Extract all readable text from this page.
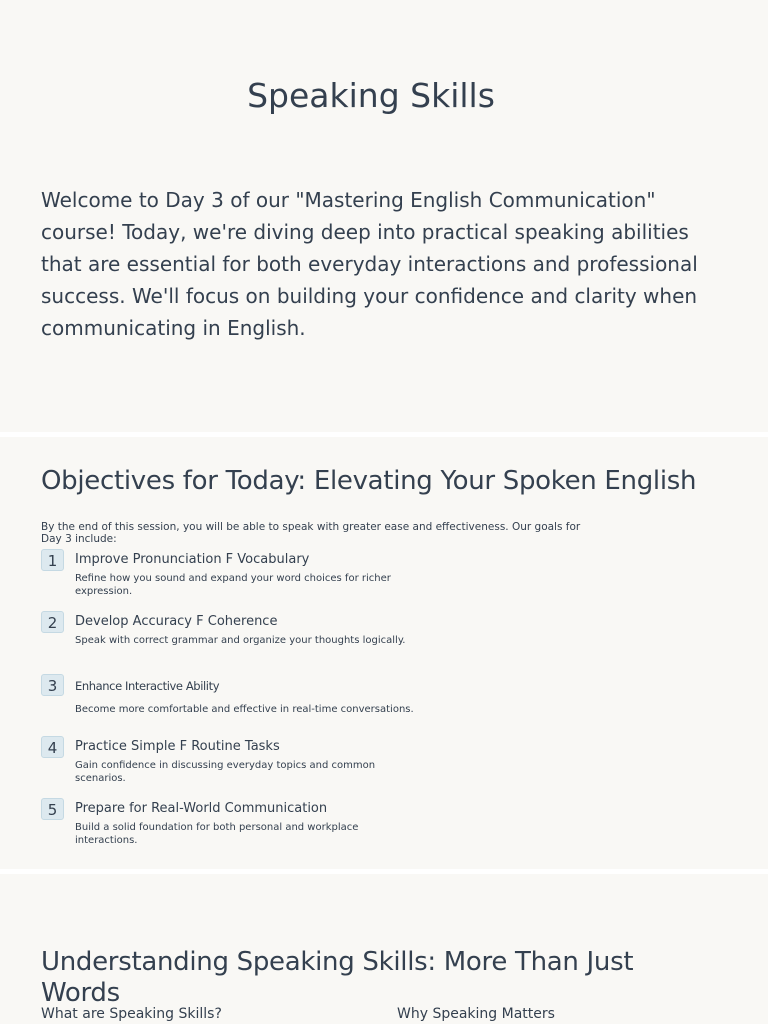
Speaking Skills

Welcome to Day 3 of our "Mastering English Communication" course! Today, we're diving deep into practical speaking abilities that are essential for both everyday interactions and professional success. We'll focus on building your confidence and clarity when communicating in English.

Objectives for Today: Elevating Your Spoken English

By the end of this session, you will be able to speak with greater ease and effectiveness. Our goals for Day 3 include:

1	Improve Pronunciation F Vocabulary
Refine how you sound and expand your word choices for richer expression.
2	Develop Accuracy F Coherence
Speak with correct grammar and organize your thoughts logically.
3	Enhance Interactive Ability
Become more comfortable and effective in real-time conversations.
4	Practice Simple F Routine Tasks
Gain confidence in discussing everyday topics and common scenarios.
5	Prepare for Real-World Communication
Build a solid foundation for both personal and workplace interactions.
Understanding Speaking Skills: More Than Just Words
What are Speaking Skills?	Why Speaking Matters
